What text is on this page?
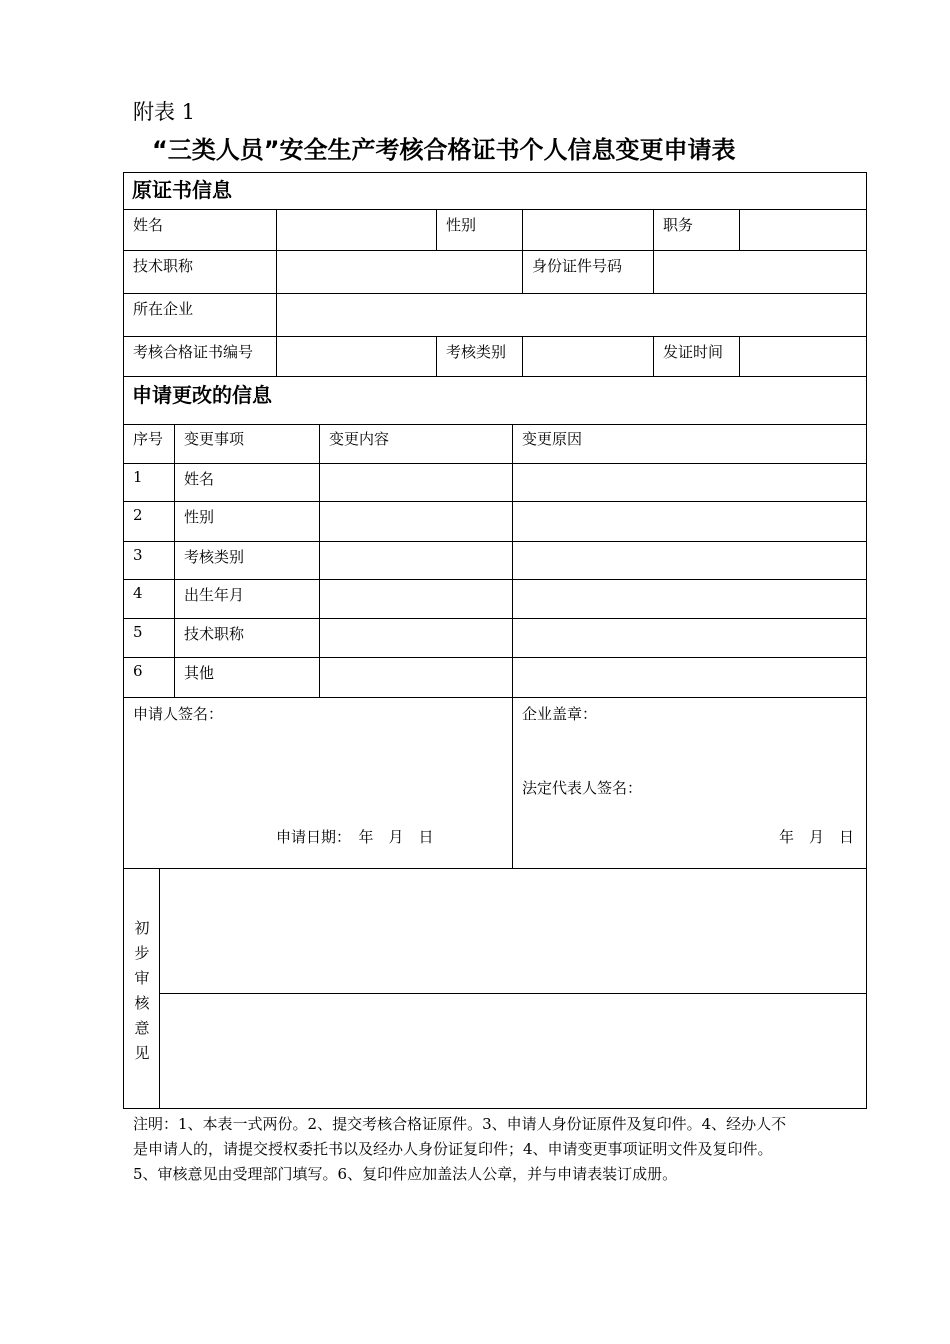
附表 1
“三类人员”安全生产考核合格证书个人信息变更申请表
原证书信息
申请更改的信息
姓名	性别	职务
技术职称	身份证件号码
所在企业
考核合格证书编号	考核类别	发证时间
序号 变更事项	变更内容	变更原因
1	姓名
2	性别
3	考核类别
4	出生年月
5	技术职称
6	其他
申请人签名：
申请日期：　年　月　日
企业盖章：
法定代表人签名：
年　月　日
初
步
审
核
意
见

注明：1、本表一式两份。2、提交考核合格证原件。3、申请人身份证原件及复印件。4、经办人不

是申请人的，请提交授权委托书以及经办人身份证复印件；4、申请变更事项证明文件及复印件。

5、审核意见由受理部门填写。6、复印件应加盖法人公章，并与申请表装订成册。
